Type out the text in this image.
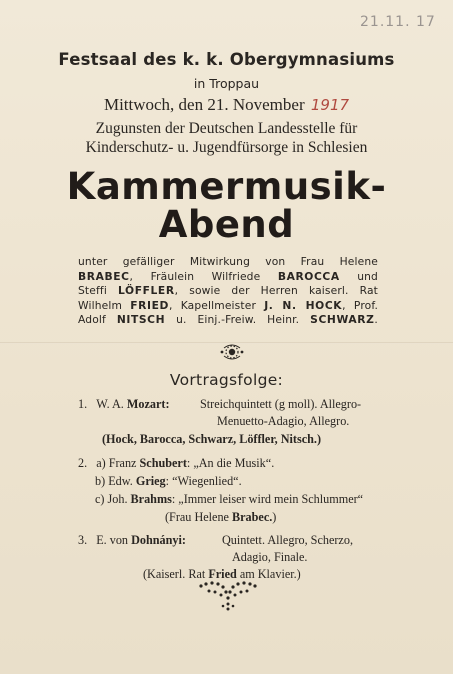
21.11. 17
Festsaal des k. k. Obergymnasiums
in Troppau
Mittwoch, den 21. November 1917
Zugunsten der Deutschen Landesstelle für
Kinderschutz- u. Jugendfürsorge in Schlesien
Kammermusik-
Abend
unter gefälliger Mitwirkung von Frau Helene
BRABEC, Fräulein Wilfriede BAROCCA und
Steffi LÖFFLER, sowie der Herren kaiserl. Rat
Wilhelm FRIED, Kapellmeister J. N. HOCK, Prof.
Adolf NITSCH u. Einj.-Freiw. Heinr. SCHWARZ.
Vortragsfolge:
1. W. A. Mozart: Streichquintett (g moll). Allegro-
Menuetto-Adagio, Allegro.
(Hock, Barocca, Schwarz, Löffler, Nitsch.)
2. a) Franz Schubert: „An die Musik“.
b) Edw. Grieg: “Wiegenlied“.
c) Joh. Brahms: „Immer leiser wird mein Schlummer“
(Frau Helene Brabec.)
3. E. von Dohnányi:	Quintett. Allegro, Scherzo,
Adagio, Finale.
(Kaiserl. Rat Fried am Klavier.)
